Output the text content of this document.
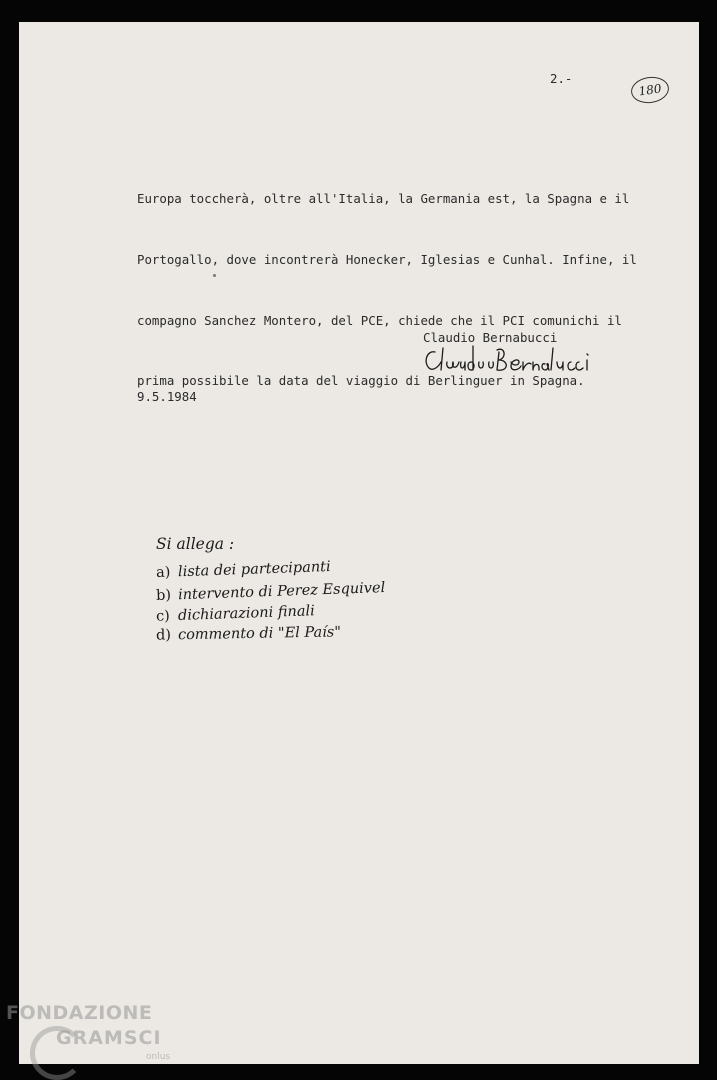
2.-
180

Europa toccherà, oltre all'Italia, la Germania est, la Spagna e il

Portogallo, dove incontrerà Honecker, Iglesias e Cunhal. Infine, il

compagno Sanchez Montero, del PCE, chiede che il PCI comunichi il

prima possibile la data del viaggio di Berlinguer in Spagna.

Claudio Bernabucci
9.5.1984
Si allega :
a) lista dei partecipanti
b) intervento di Perez Esquivel
c) dichiarazioni finali
d) commento di "El País"
FONDAZIONE
GRAMSCI
onlus
